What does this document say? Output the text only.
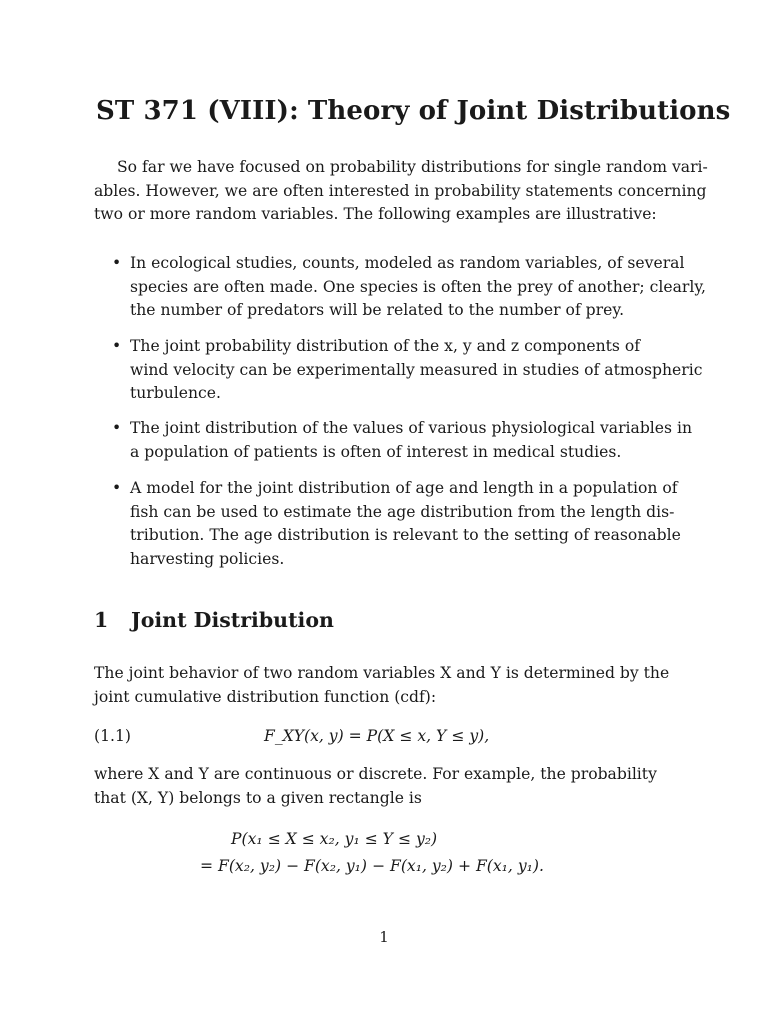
ST 371 (VIII): Theory of Joint Distributions
So far we have focused on probability distributions for single random vari-
ables. However, we are often interested in probability statements concerning
two or more random variables. The following examples are illustrative:
• In ecological studies, counts, modeled as random variables, of several
species are often made. One species is often the prey of another; clearly,
the number of predators will be related to the number of prey.
• The joint probability distribution of the x, y and z components of
wind velocity can be experimentally measured in studies of atmospheric
turbulence.
• The joint distribution of the values of various physiological variables in
a population of patients is often of interest in medical studies.
• A model for the joint distribution of age and length in a population of
fish can be used to estimate the age distribution from the length dis-
tribution. The age distribution is relevant to the setting of reasonable
harvesting policies.
1 Joint Distribution
The joint behavior of two random variables X and Y is determined by the
joint cumulative distribution function (cdf):
(1.1)	F_XY(x, y) = P(X ≤ x, Y ≤ y),
where X and Y are continuous or discrete. For example, the probability
that (X, Y) belongs to a given rectangle is
P(x₁ ≤ X ≤ x₂, y₁ ≤ Y ≤ y₂)
= F(x₂, y₂) − F(x₂, y₁) − F(x₁, y₂) + F(x₁, y₁).
1
